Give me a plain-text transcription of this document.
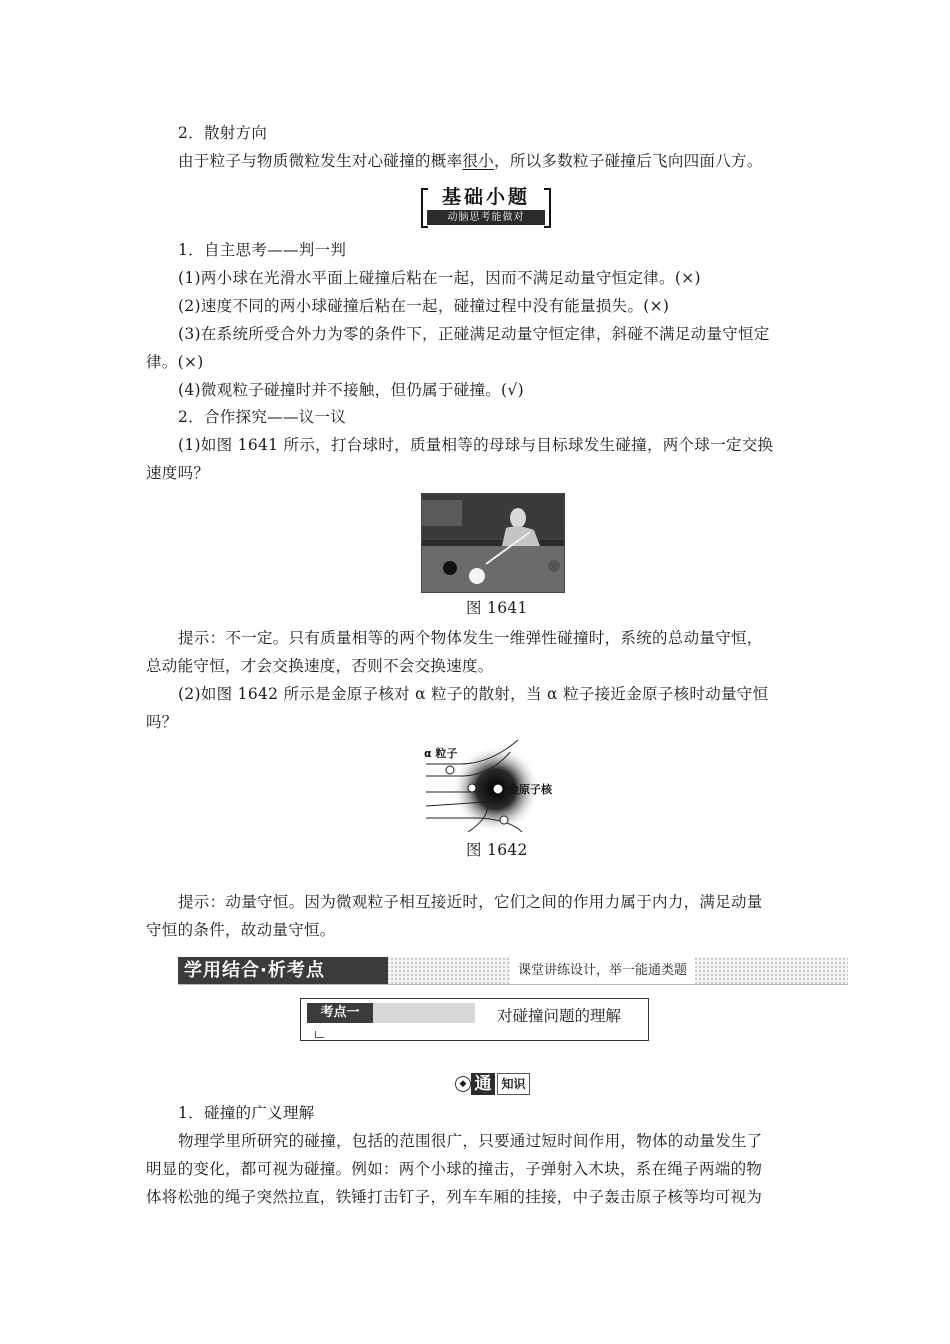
2．散射方向
由于粒子与物质微粒发生对心碰撞的概率很小，所以多数粒子碰撞后飞向四面八方。
基础小题
动脑思考能做对
1．自主思考——判一判
(1)两小球在光滑水平面上碰撞后粘在一起，因而不满足动量守恒定律。(×)
(2)速度不同的两小球碰撞后粘在一起，碰撞过程中没有能量损失。(×)
(3)在系统所受合外力为零的条件下，正碰满足动量守恒定律，斜碰不满足动量守恒定
律。(×)
(4)微观粒子碰撞时并不接触，但仍属于碰撞。(√)
2．合作探究——议一议
(1)如图 1641 所示，打台球时，质量相等的母球与目标球发生碰撞，两个球一定交换
速度吗？
图 1641
提示：不一定。只有质量相等的两个物体发生一维弹性碰撞时，系统的总动量守恒，
总动能守恒，才会交换速度，否则不会交换速度。
(2)如图 1642 所示是金原子核对 α 粒子的散射，当 α 粒子接近金原子核时动量守恒
吗？
α 粒子
金原子核
图 1642
提示：动量守恒。因为微观粒子相互接近时，它们之间的作用力属于内力，满足动量
守恒的条件，故动量守恒。
学用结合·析考点	课堂讲练设计，举一能通类题
考点一	对碰撞问题的理解
◆ 通 知识
1．碰撞的广义理解
物理学里所研究的碰撞，包括的范围很广，只要通过短时间作用，物体的动量发生了
明显的变化，都可视为碰撞。例如：两个小球的撞击，子弹射入木块，系在绳子两端的物
体将松弛的绳子突然拉直，铁锤打击钉子，列车车厢的挂接，中子轰击原子核等均可视为
